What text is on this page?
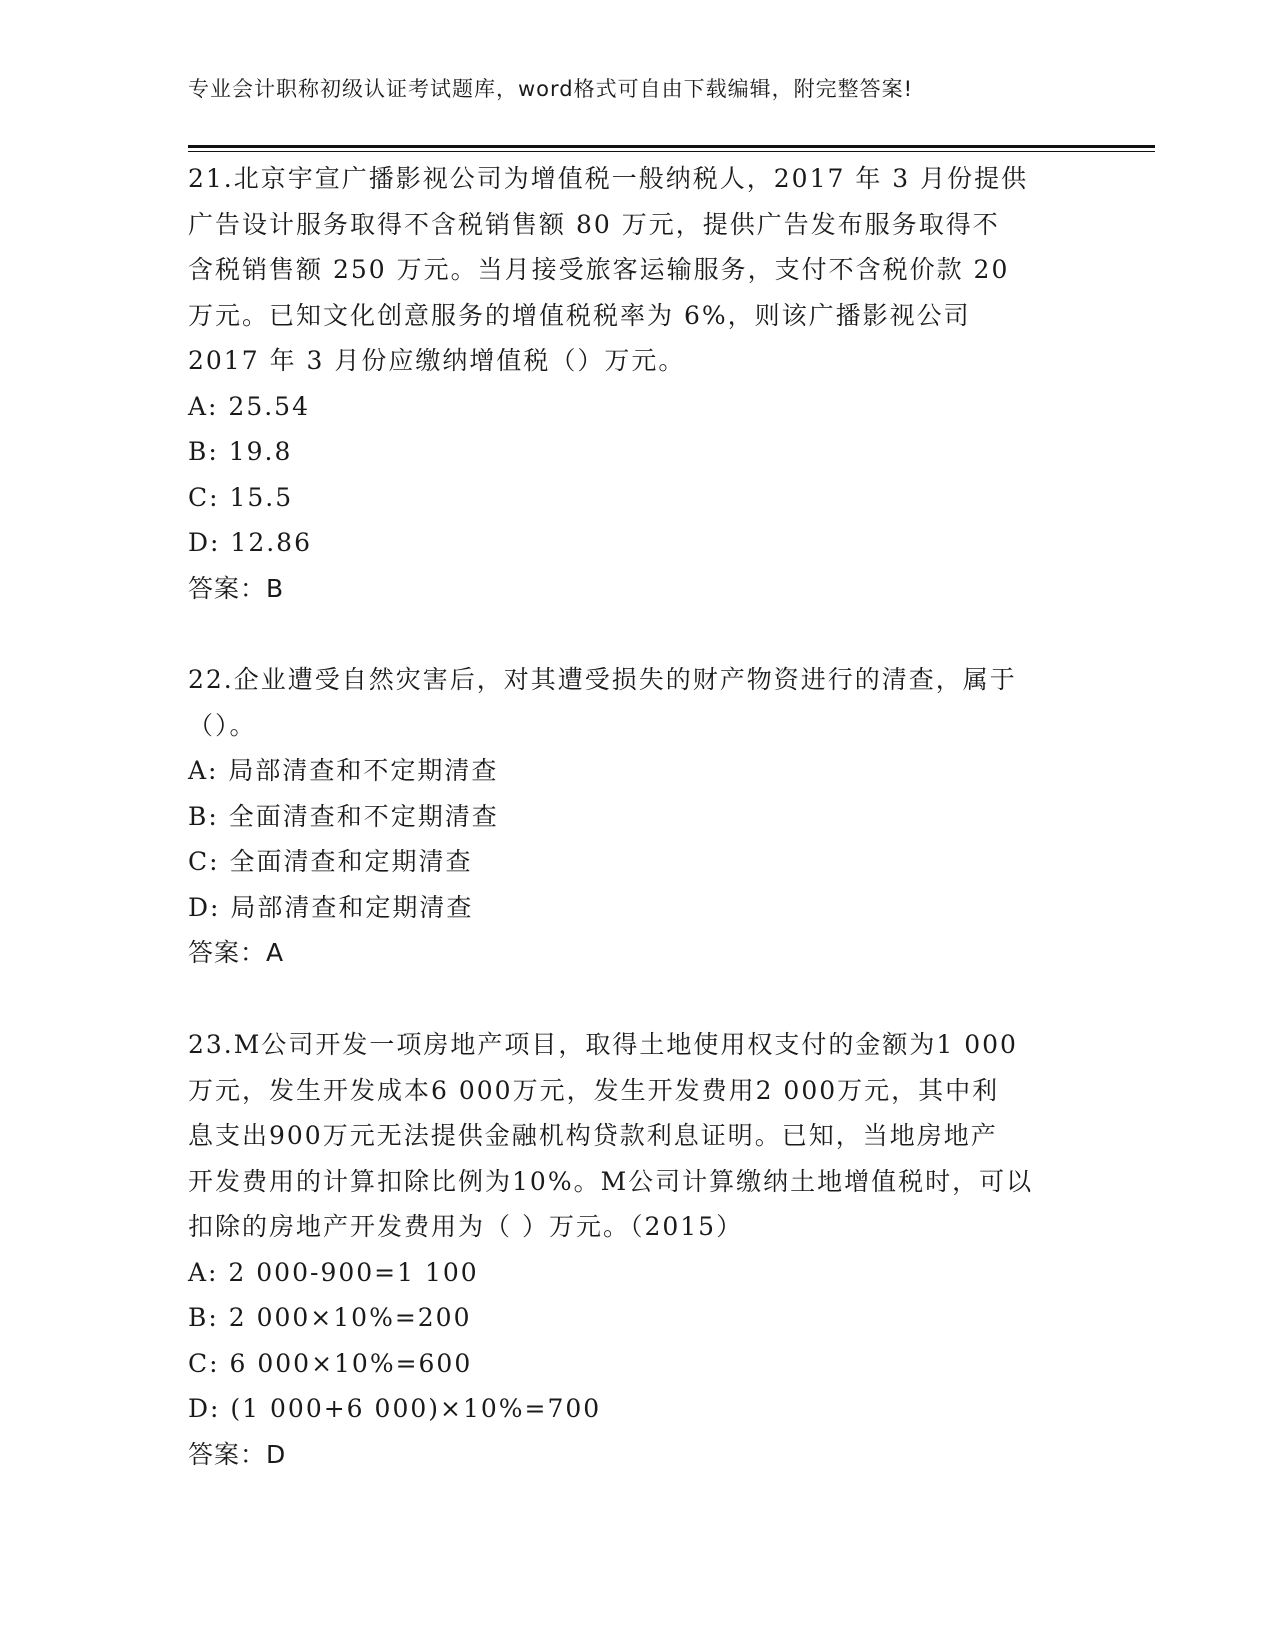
专业会计职称初级认证考试题库，word格式可自由下载编辑，附完整答案!
21.北京宇宣广播影视公司为增值税一般纳税人，2017 年 3 月份提供
广告设计服务取得不含税销售额 80 万元，提供广告发布服务取得不
含税销售额 250 万元。当月接受旅客运输服务，支付不含税价款 20
万元。已知文化创意服务的增值税税率为 6%，则该广播影视公司
2017 年 3 月份应缴纳增值税（）万元。
A: 25.54
B: 19.8
C: 15.5
D: 12.86
答案：B
22.企业遭受自然灾害后，对其遭受损失的财产物资进行的清查，属于
（）。
A: 局部清查和不定期清查
B: 全面清查和不定期清查
C: 全面清查和定期清查
D: 局部清查和定期清查
答案：A
23.M公司开发一项房地产项目，取得土地使用权支付的金额为1 000
万元，发生开发成本6 000万元，发生开发费用2 000万元，其中利
息支出900万元无法提供金融机构贷款利息证明。已知，当地房地产
开发费用的计算扣除比例为10%。M公司计算缴纳土地增值税时，可以
扣除的房地产开发费用为（ ）万元。（2015）
A: 2 000-900=1 100
B: 2 000×10%=200
C: 6 000×10%=600
D: (1 000+6 000)×10%=700
答案：D
